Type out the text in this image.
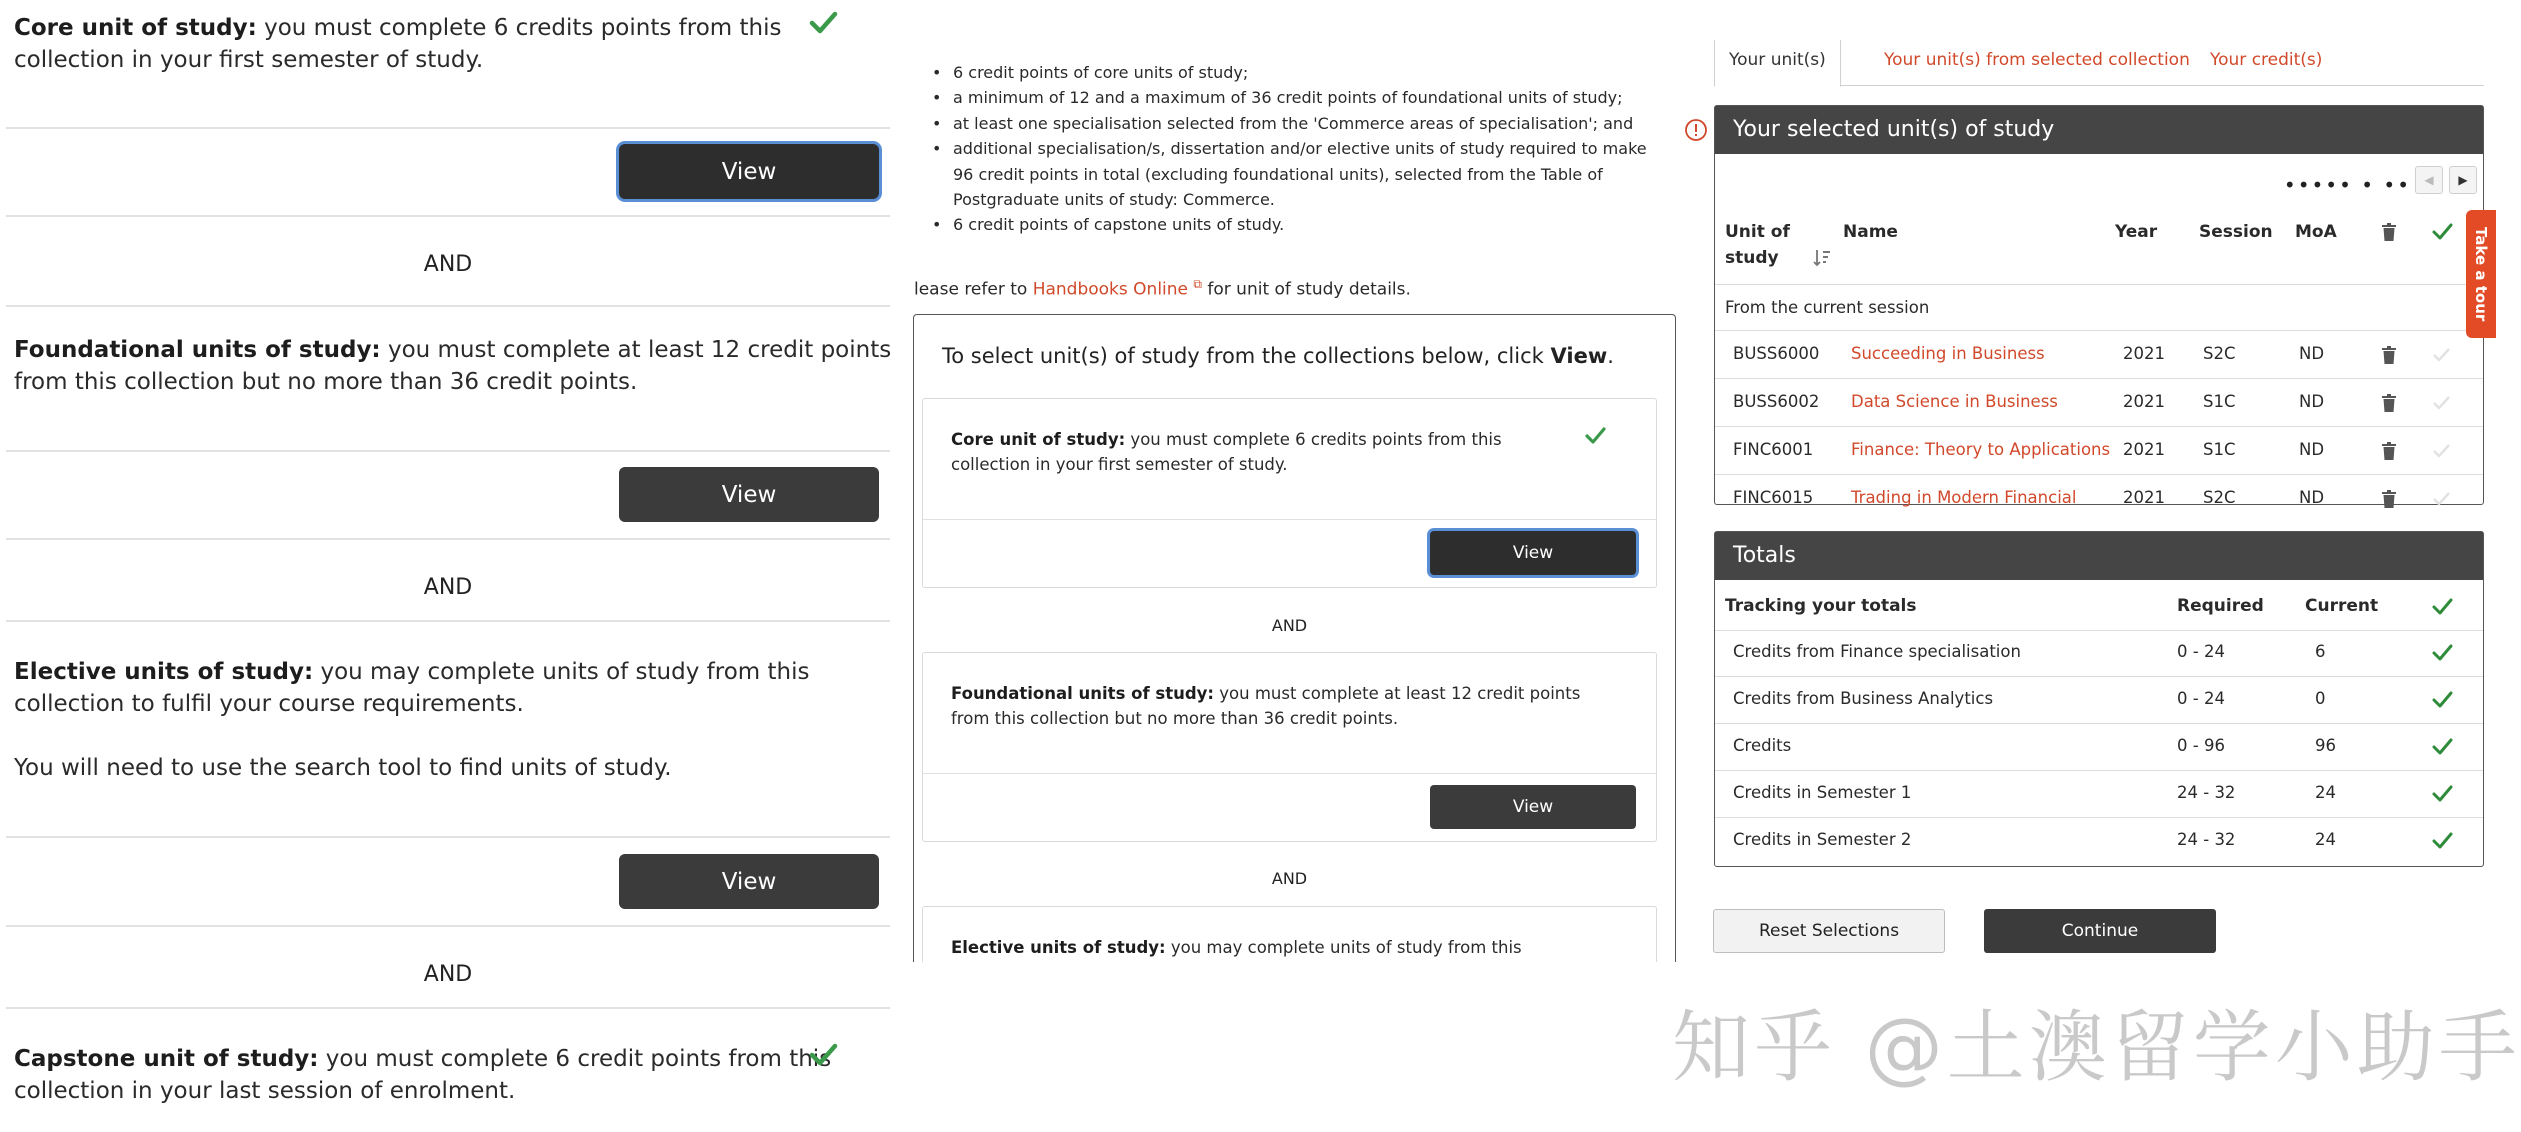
Core unit of study: you must complete 6 credits points from this
collection in your first semester of study.
View
AND
Foundational units of study: you must complete at least 12 credit points
from this collection but no more than 36 credit points.
View
AND
Elective units of study: you may complete units of study from this
collection to fulfil your course requirements.

You will need to use the search tool to find units of study.
View
AND
Capstone unit of study: you must complete 6 credit points from this
collection in your last session of enrolment.
• 6 credit points of core units of study;
• a minimum of 12 and a maximum of 36 credit points of foundational units of study;
• at least one specialisation selected from the 'Commerce areas of specialisation'; and
• additional specialisation/s, dissertation and/or elective units of study required to make
96 credit points in total (excluding foundational units), selected from the Table of
Postgraduate units of study: Commerce.
• 6 credit points of capstone units of study.
lease refer to Handbooks Online ⧉ for unit of study details.
To select unit(s) of study from the collections below, click View.
Core unit of study: you must complete 6 credits points from this
collection in your first semester of study.
View
AND
Foundational units of study: you must complete at least 12 credit points
from this collection but no more than 36 credit points.
View
AND
Elective units of study: you may complete units of study from this
Your unit(s)	Your unit(s) from selected collection Your credit(s)
Your selected unit(s) of study
••••• • ••	◀	▶
Unit of
study
Name	Year Session MoA
From the current session
BUSS6000 Succeeding in Business	2021 S2C	ND
BUSS6002 Data Science in Business	2021 S1C	ND
FINC6001 Finance: Theory to Applications 2021 S1C	ND
FINC6015 Trading in Modern Financial	2021 S2C	ND
Take a tour
Totals
Tracking your totals	Required Current
Credits from Finance specialisation	0 - 24	6
Credits from Business Analytics	0 - 24	0
Credits	0 - 96	96
Credits in Semester 1	24 - 32	24
Credits in Semester 2	24 - 32	24
Reset Selections	Continue
知乎 @土澳留学小助手
